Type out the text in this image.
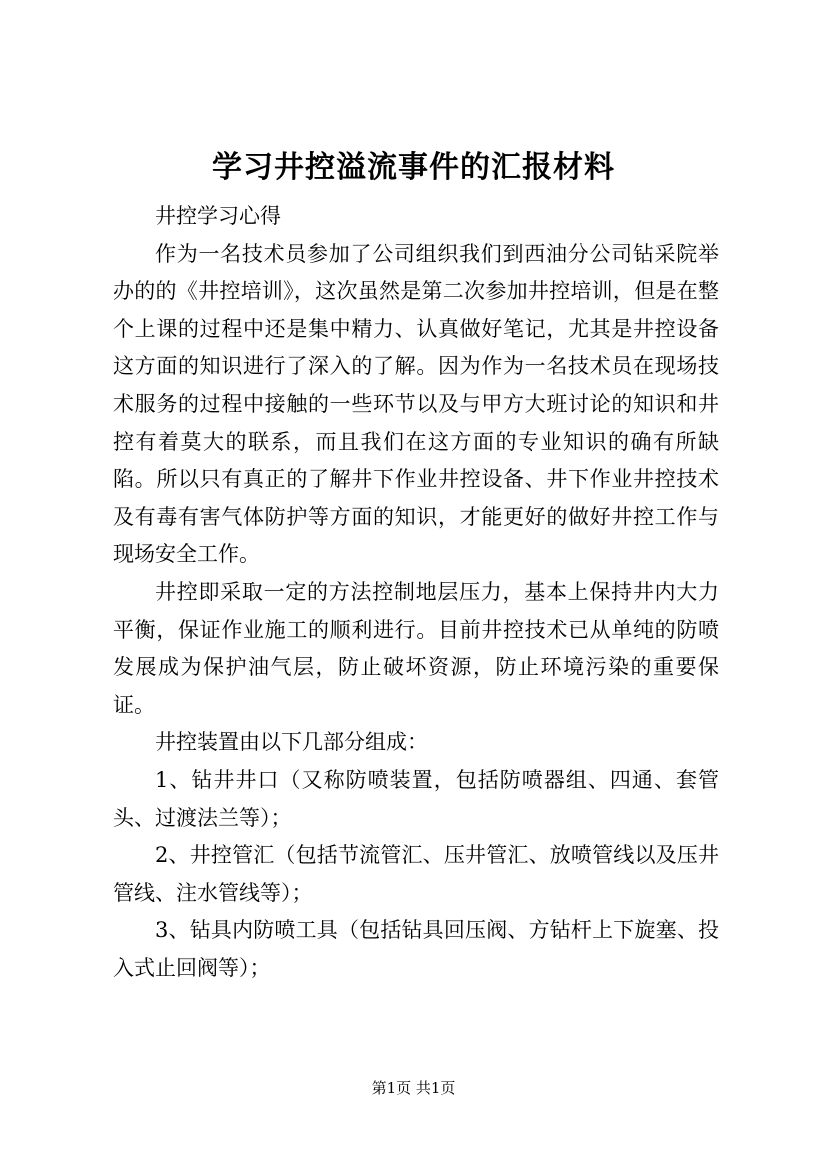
学习井控溢流事件的汇报材料

井控学习心得

作为一名技术员参加了公司组织我们到西油分公司钻采院举办的的《井控培训》，这次虽然是第二次参加井控培训，但是在整个上课的过程中还是集中精力、认真做好笔记，尤其是井控设备这方面的知识进行了深入的了解。因为作为一名技术员在现场技术服务的过程中接触的一些环节以及与甲方大班讨论的知识和井控有着莫大的联系，而且我们在这方面的专业知识的确有所缺陷。所以只有真正的了解井下作业井控设备、井下作业井控技术及有毒有害气体防护等方面的知识，才能更好的做好井控工作与现场安全工作。

井控即采取一定的方法控制地层压力，基本上保持井内大力平衡，保证作业施工的顺利进行。目前井控技术已从单纯的防喷发展成为保护油气层，防止破坏资源，防止环境污染的重要保证。

井控装置由以下几部分组成：

1、钻井井口（又称防喷装置，包括防喷器组、四通、套管头、过渡法兰等）；

2、井控管汇（包括节流管汇、压井管汇、放喷管线以及压井管线、注水管线等）；

3、钻具内防喷工具（包括钻具回压阀、方钻杆上下旋塞、投入式止回阀等）；

第1页 共1页
